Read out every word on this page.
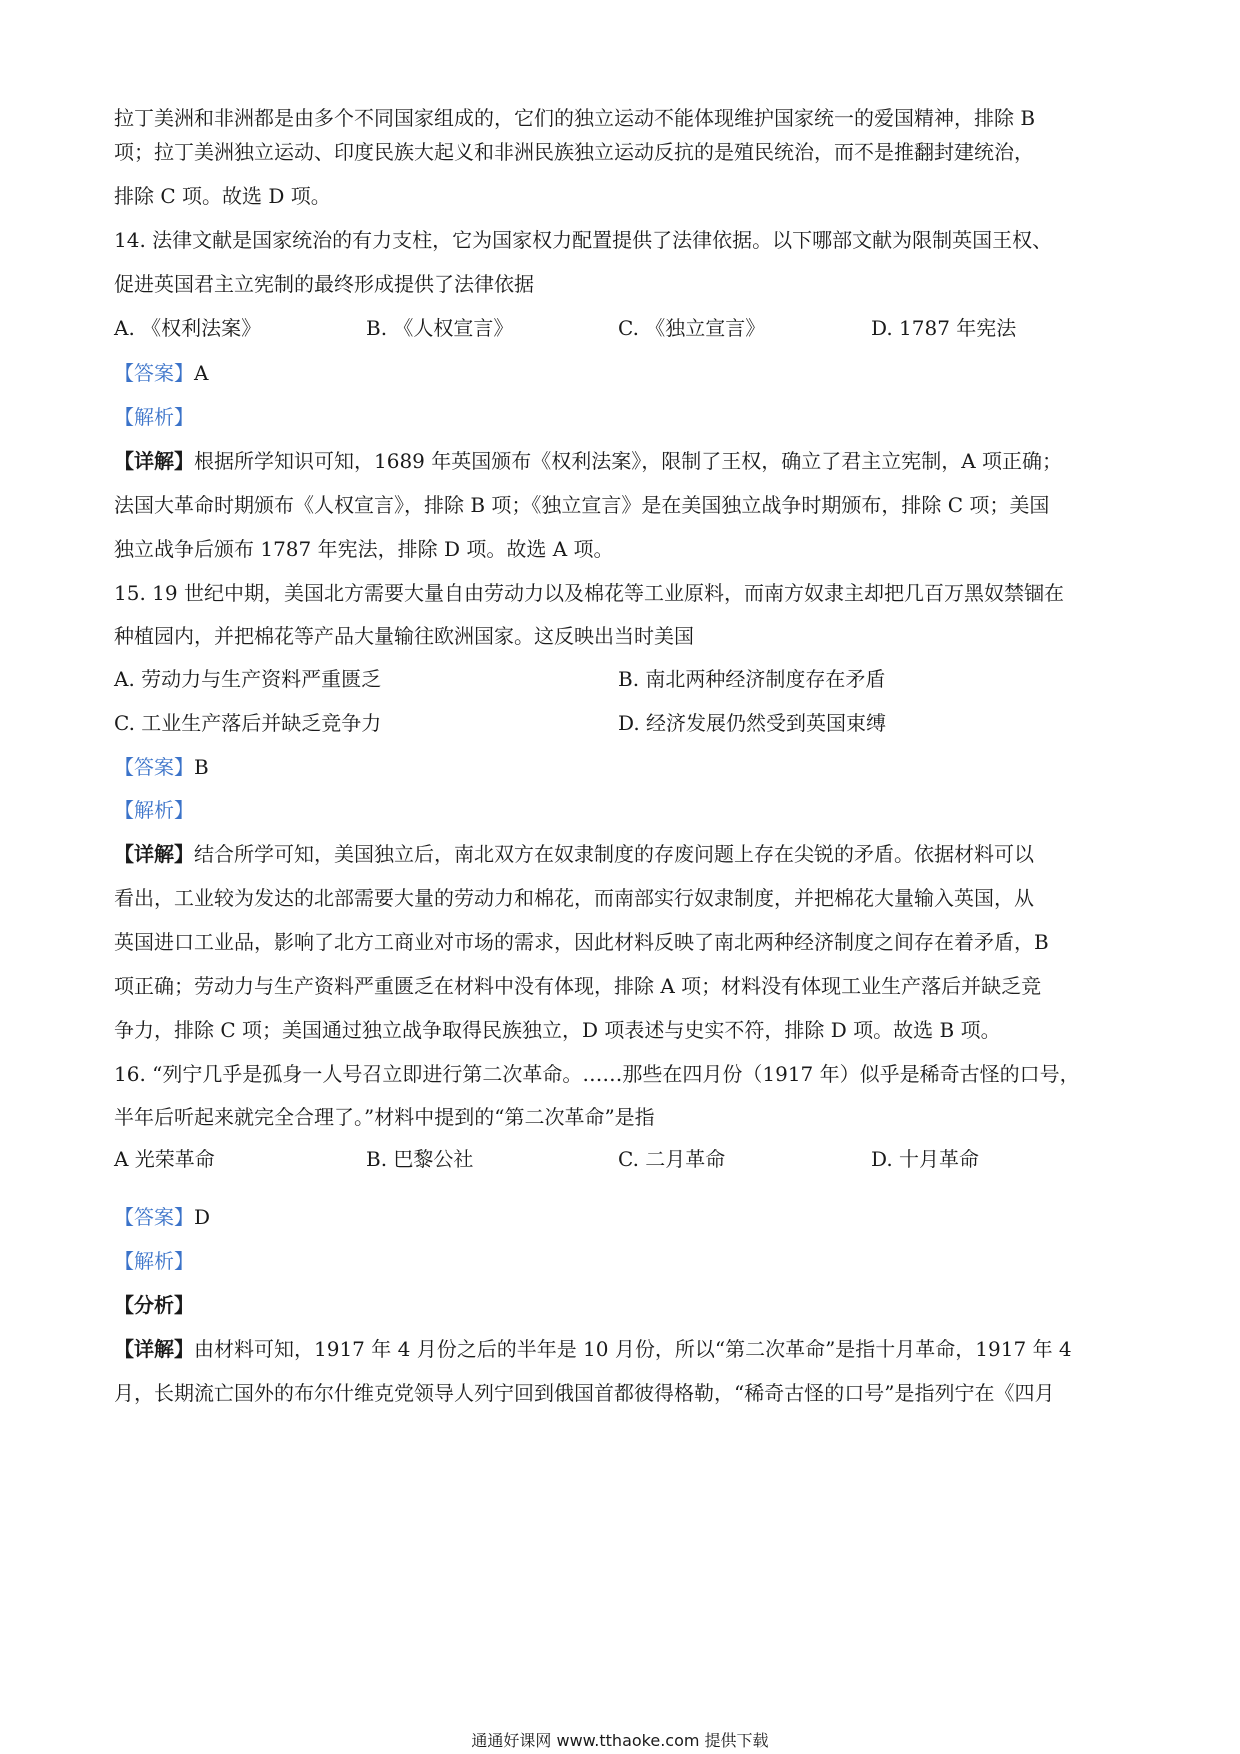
拉丁美洲和非洲都是由多个不同国家组成的，它们的独立运动不能体现维护国家统一的爱国精神，排除 B
项；拉丁美洲独立运动、印度民族大起义和非洲民族独立运动反抗的是殖民统治，而不是推翻封建统治，
排除 C 项。故选 D 项。
14. 法律文献是国家统治的有力支柱，它为国家权力配置提供了法律依据。以下哪部文献为限制英国王权、
促进英国君主立宪制的最终形成提供了法律依据
A. 《权利法案》	B. 《人权宣言》	C. 《独立宣言》	D. 1787 年宪法
【答案】A
【解析】
【详解】根据所学知识可知，1689 年英国颁布《权利法案》，限制了王权，确立了君主立宪制，A 项正确；
法国大革命时期颁布《人权宣言》，排除 B 项；《独立宣言》是在美国独立战争时期颁布，排除 C 项；美国
独立战争后颁布 1787 年宪法，排除 D 项。故选 A 项。
15. 19 世纪中期，美国北方需要大量自由劳动力以及棉花等工业原料，而南方奴隶主却把几百万黑奴禁锢在
种植园内，并把棉花等产品大量输往欧洲国家。这反映出当时美国
A. 劳动力与生产资料严重匮乏	B. 南北两种经济制度存在矛盾
C. 工业生产落后并缺乏竞争力	D. 经济发展仍然受到英国束缚
【答案】B
【解析】
【详解】结合所学可知，美国独立后，南北双方在奴隶制度的存废问题上存在尖锐的矛盾。依据材料可以
看出，工业较为发达的北部需要大量的劳动力和棉花，而南部实行奴隶制度，并把棉花大量输入英国，从
英国进口工业品，影响了北方工商业对市场的需求，因此材料反映了南北两种经济制度之间存在着矛盾，B
项正确；劳动力与生产资料严重匮乏在材料中没有体现，排除 A 项；材料没有体现工业生产落后并缺乏竞
争力，排除 C 项；美国通过独立战争取得民族独立，D 项表述与史实不符，排除 D 项。故选 B 项。
16. “列宁几乎是孤身一人号召立即进行第二次革命。……那些在四月份（1917 年）似乎是稀奇古怪的口号，
半年后听起来就完全合理了。”材料中提到的“第二次革命”是指
A 光荣革命	B. 巴黎公社	C. 二月革命	D. 十月革命
【答案】D
【解析】
【分析】
【详解】由材料可知，1917 年 4 月份之后的半年是 10 月份，所以“第二次革命”是指十月革命，1917 年 4
月，长期流亡国外的布尔什维克党领导人列宁回到俄国首都彼得格勒，“稀奇古怪的口号”是指列宁在《四月
通通好课网 www.tthaoke.com 提供下载
